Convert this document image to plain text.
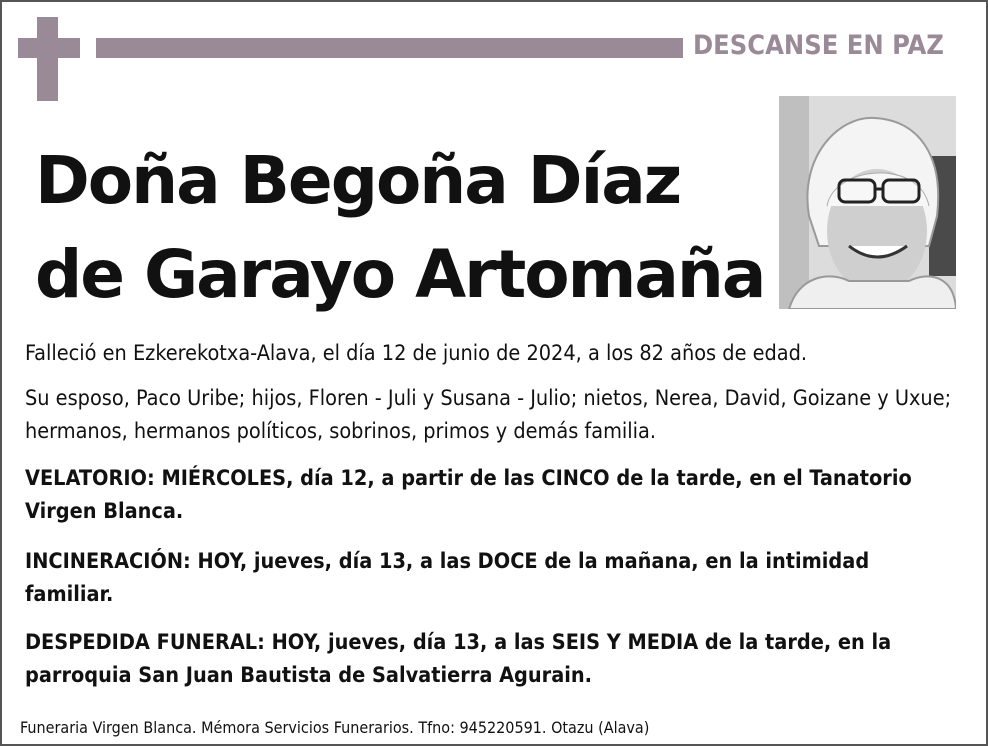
DESCANSE EN PAZ
Doña Begoña Díaz
de Garayo Artomaña
Falleció en Ezkerekotxa-Alava, el día 12 de junio de 2024, a los 82 años de edad.
Su esposo, Paco Uribe; hijos, Floren - Juli y Susana - Julio; nietos, Nerea, David, Goizane y Uxue; hermanos, hermanos políticos, sobrinos, primos y demás familia.
VELATORIO: MIÉRCOLES, día 12, a partir de las CINCO de la tarde, en el Tanatorio Virgen Blanca.
INCINERACIÓN: HOY, jueves, día 13, a las DOCE de la mañana, en la intimidad familiar.
DESPEDIDA FUNERAL: HOY, jueves, día 13, a las SEIS Y MEDIA de la tarde, en la parroquia San Juan Bautista de Salvatierra Agurain.
Funeraria Virgen Blanca. Mémora Servicios Funerarios. Tfno: 945220591. Otazu (Alava)
